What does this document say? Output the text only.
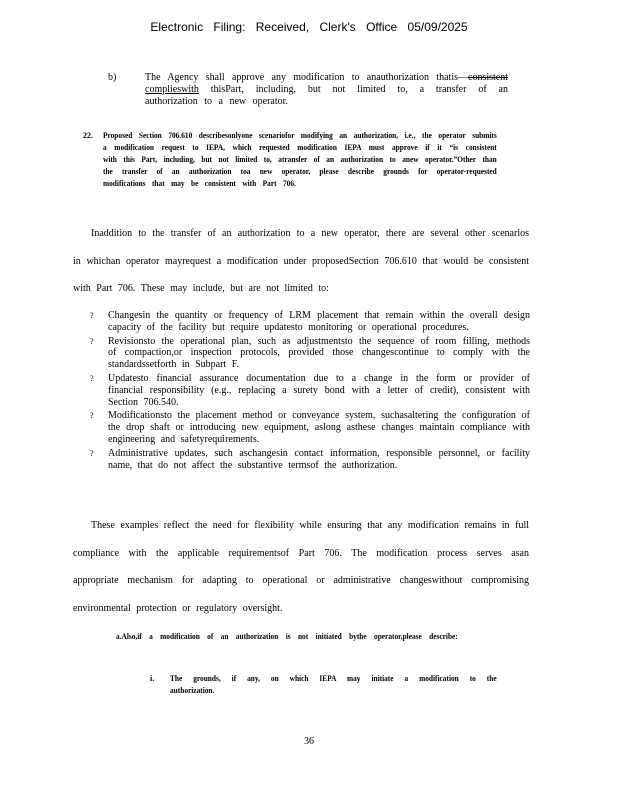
Electronic Filing: Received, Clerk's Office 05/09/2025
b)	The Agency shall approve any modification to anauthorization thatis—consistent complieswith thisPart, including, but not limited to, a transfer of an authorization to a new operator.
22. Proposed Section 706.610 describesonlyone scenariofor modifying an authorization, i.e., the operator submits a modification request to IEPA, which requested modification IEPA must approve if it “is consistent with this Part, including, but not limited to, atransfer of an authorization to anew operator.”Other than the transfer of an authorization toa new operator, please describe grounds for operator-requested modifications that may be consistent with Part 706.

Inaddition to the transfer of an authorization to a new operator, there are several other scenarios in whichan operator mayrequest a modification under proposedSection 706.610 that would be consistent with Part 706. These may include, but are not limited to:

? Changesin the quantity or frequency of LRM placement that remain within the overall design capacity of the facility but require updatesto monitoring or operational procedures.
? Revisionsto the operational plan, such as adjustmentsto the sequence of room filling, methods of compaction,or inspection protocols, provided those changescontinue to comply with the standardssetforth in Subpart F.
? Updatesto financial assurance documentation due to a change in the form or provider of financial responsibility (e.g., replacing a surety bond with a letter of credit), consistent with Section 706.540.
? Modificationsto the placement method or conveyance system, suchasaltering the configuration of the drop shaft or introducing new equipment, aslong asthese changes maintain compliance with engineering and safetyrequirements.
? Administrative updates, such aschangesin contact information, responsible personnel, or facility name, that do not affect the substantive termsof the authorization.

These examples reflect the need for flexibility while ensuring that any modification remains in full compliance with the applicable requirementsof Part 706. The modification process serves asan appropriate mechanism for adapting to operational or administrative changeswithout compromising environmental protection or regulatory oversight.

a.Also,if a modification of an authorization is not initiated bythe operator,please describe:
i. The grounds, if any, on which IEPA may initiate a modification to the authorization.
36
